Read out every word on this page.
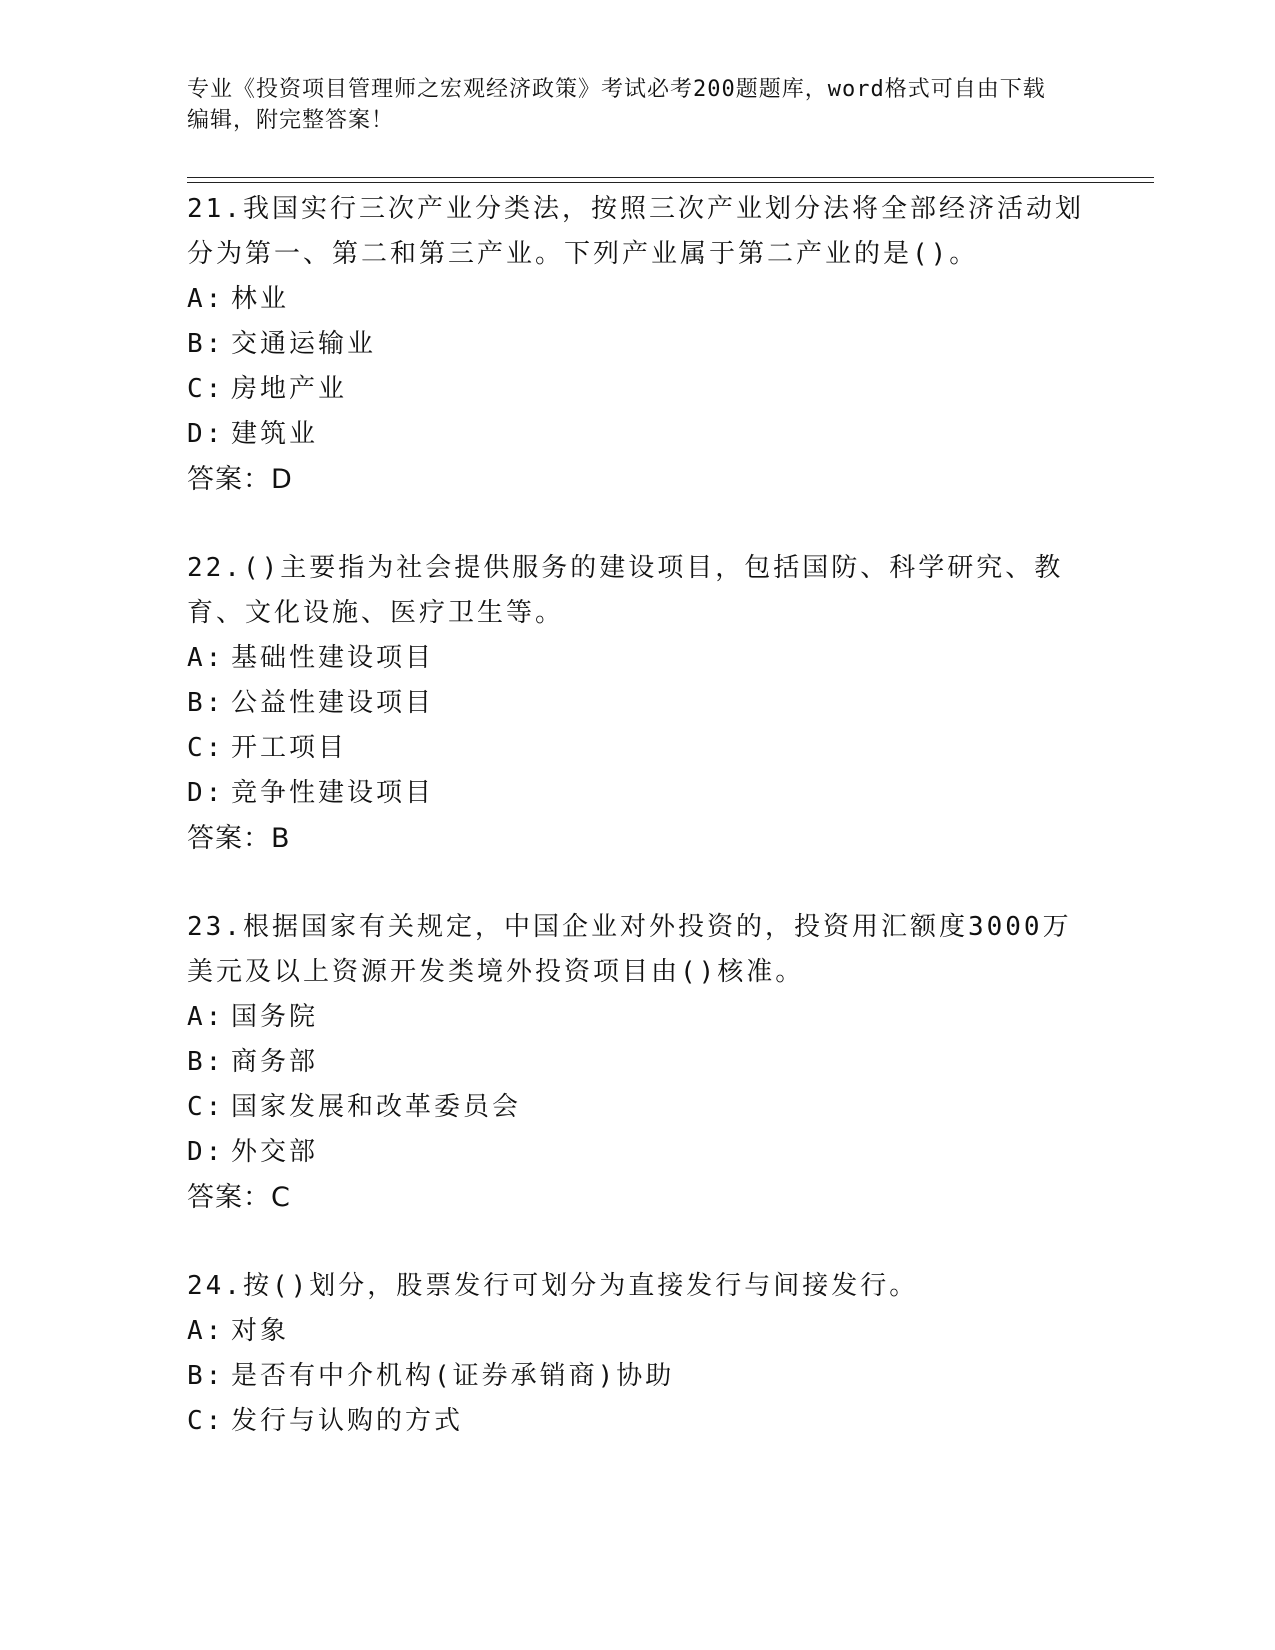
专业《投资项目管理师之宏观经济政策》考试必考200题题库，word格式可自由下载编辑，附完整答案！

21.我国实行三次产业分类法，按照三次产业划分法将全部经济活动划分为第一、第二和第三产业。下列产业属于第二产业的是()。

A: 林业

B: 交通运输业

C: 房地产业

D: 建筑业

答案：D

22.()主要指为社会提供服务的建设项目，包括国防、科学研究、教育、文化设施、医疗卫生等。

A: 基础性建设项目

B: 公益性建设项目

C: 开工项目

D: 竞争性建设项目

答案：B

23.根据国家有关规定，中国企业对外投资的，投资用汇额度3000万美元及以上资源开发类境外投资项目由()核准。

A: 国务院

B: 商务部

C: 国家发展和改革委员会

D: 外交部

答案：C

24.按()划分，股票发行可划分为直接发行与间接发行。

A: 对象

B: 是否有中介机构(证券承销商)协助

C: 发行与认购的方式
